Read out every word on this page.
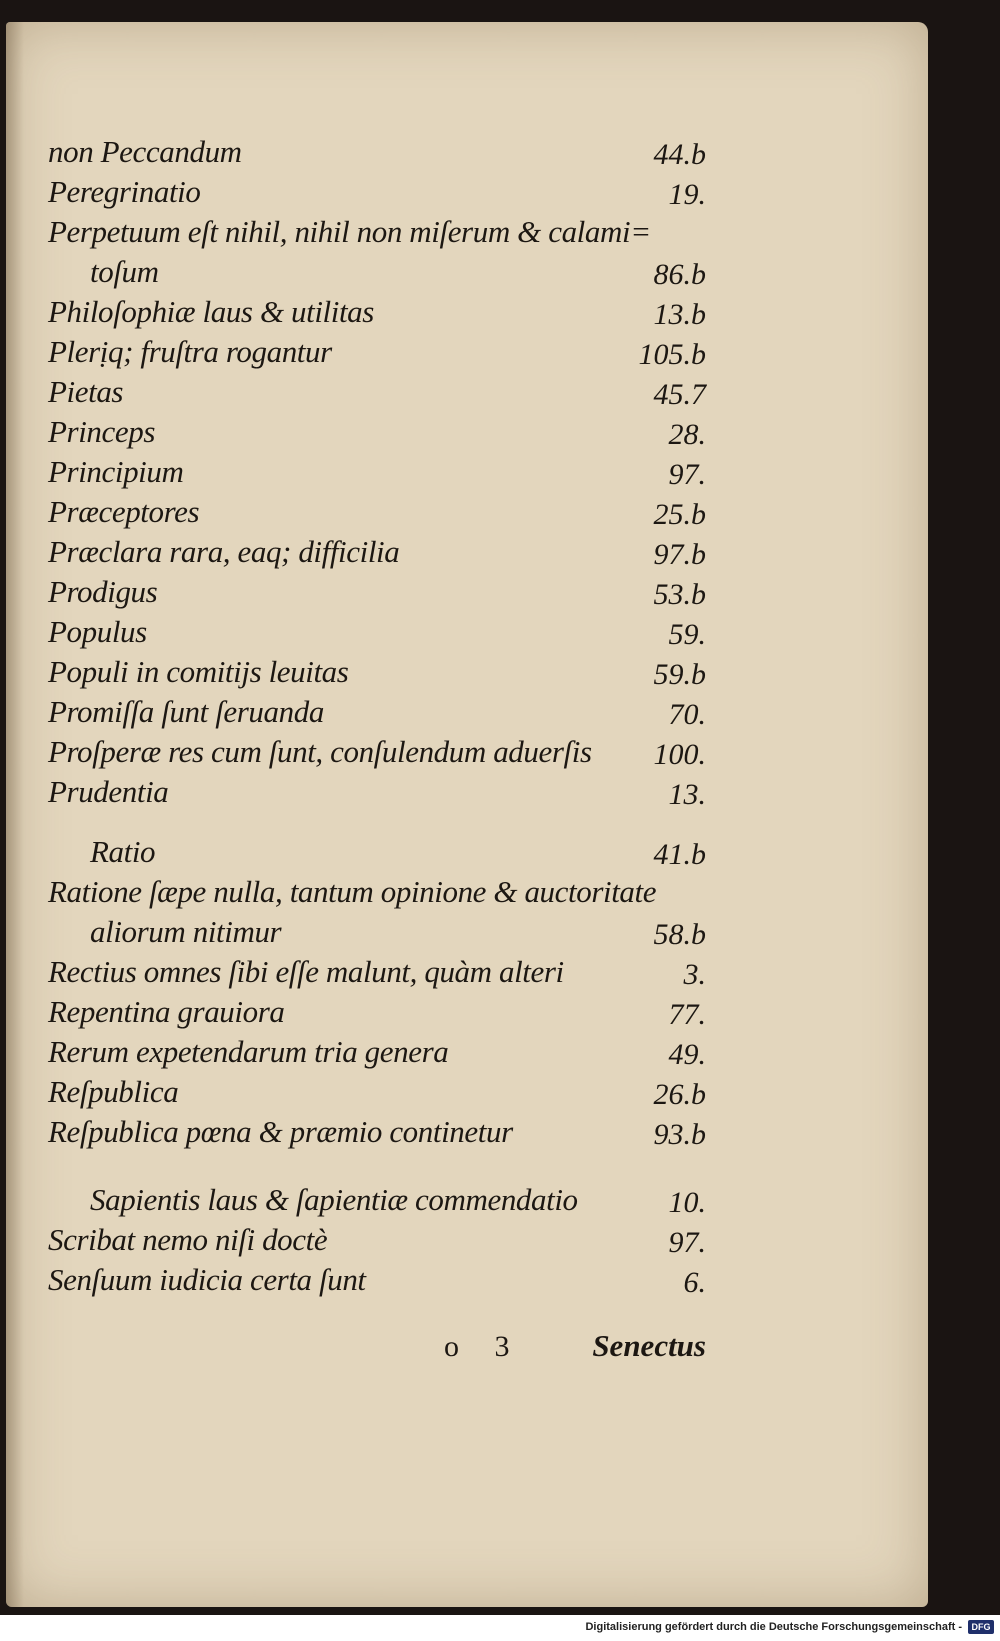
non Peccandum	44.b
Peregrinatio	19.
Perpetuum eſt nihil, nihil non miſerum & calami=
toſum	86.b
Philoſophiæ laus & utilitas	13.b
Plerịq; fruſtra rogantur	105.b
Pietas	45.7
Princeps	28.
Principium	97.
Præceptores	25.b
Præclara rara, eaq; difficilia	97.b
Prodigus	53.b
Populus	59.
Populi in comitijs leuitas	59.b
Promiſſa ſunt ſeruanda	70.
Proſperæ res cum ſunt, conſulendum aduerſis 100.
Prudentia	13.
Ratio	41.b
Ratione ſæpe nulla, tantum opinione & auctoritate
aliorum nitimur	58.b
Rectius omnes ſibi eſſe malunt, quàm alteri	3.
Repentina grauiora	77.
Rerum expetendarum tria genera	49.
Reſpublica	26.b
Reſpublica pœna & præmio continetur	93.b
Sapientis laus & ſapientiæ commendatio	10.
Scribat nemo niſi doctè	97.
Senſuum iudicia certa ſunt	6.
o 3 Senectus
Digitalisierung gefördert durch die Deutsche Forschungsgemeinschaft -	DFG
